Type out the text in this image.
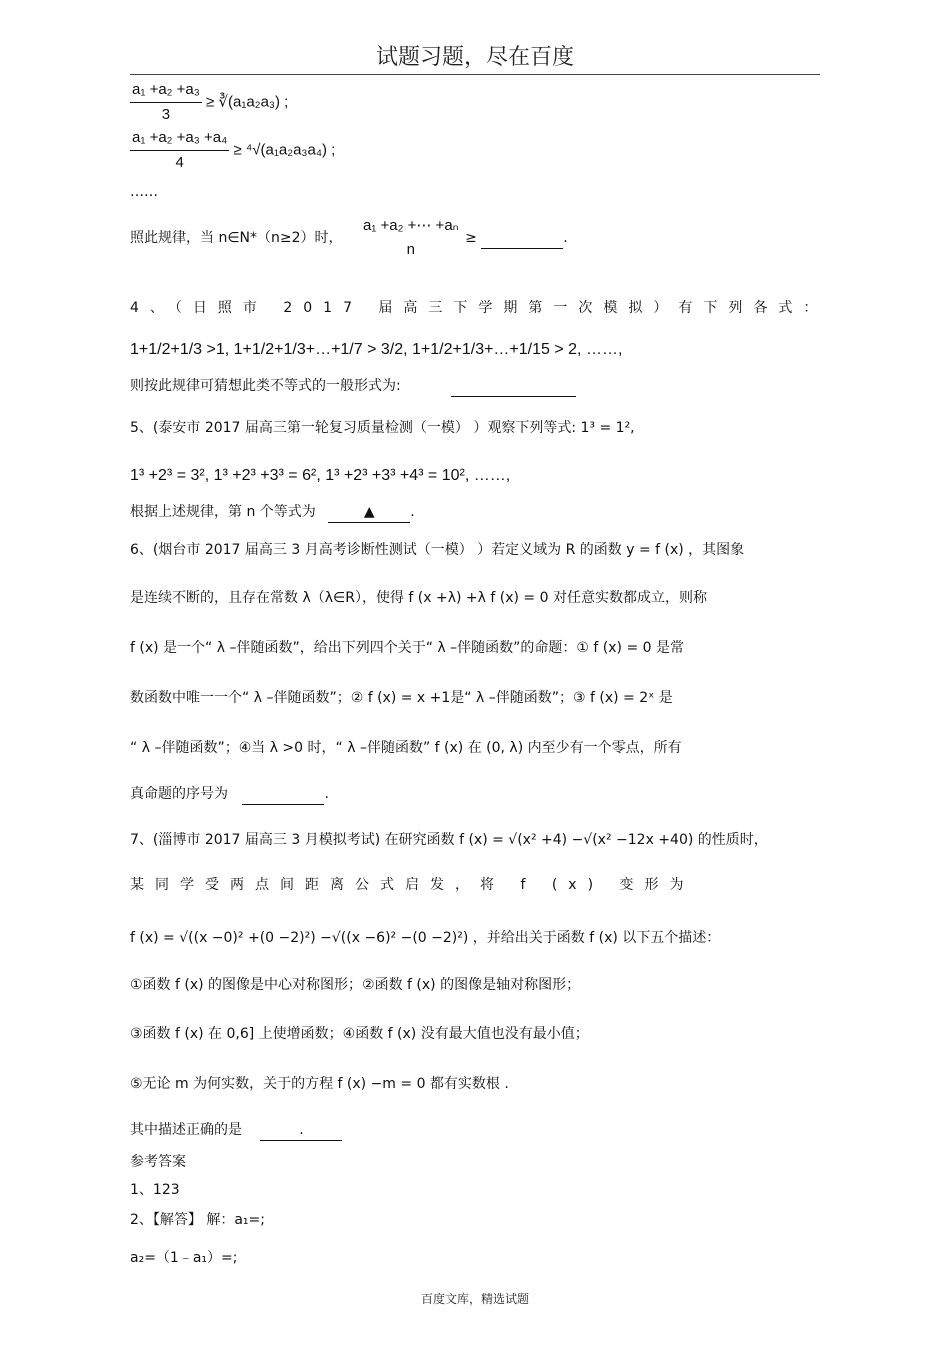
试题习题，尽在百度
$\frac{\text{a₁ +a₂ +a₃}}{3}$ ≥ ∛(a₁a₂a₃) ;
$\frac{\text{a₁ +a₂ +a₃ +a₄}}{4} \ge ^4√(a_1a_2a_3a_4)$ ;
……
照此规律，当 n∈N*（n≥2）时，
a₁ +a₂ +⋯ +aₙ
n
≥	.
4、（日照市 2017 届高三下学期第一次模拟）有下列各式：
1+1/2+1/3 >1, 1+1/2+1/3+…+1/7 > 3/2, 1+1/2+1/3+…+1/15 > 2, ……,
则按此规律可猜想此类不等式的一般形式为:
5、(泰安市 2017 届高三第一轮复习质量检测（一模） ）观察下列等式: 1³ = 1²,
1³ +2³ = 3², 1³ +2³ +3³ = 6², 1³ +2³ +3³ +4³ = 10², ……,
根据上述规律，第 n 个等式为	▲	.
6、(烟台市 2017 届高三 3 月高考诊断性测试（一模） ）若定义域为 R 的函数 y = f (x) ，其图象
是连续不断的，且存在常数 λ（λ∈R），使得 f (x +λ) +λ f (x) = 0 对任意实数都成立，则称
f (x) 是一个“ λ –伴随函数”，给出下列四个关于“ λ –伴随函数”的命题：① f (x) = 0 是常
数函数中唯一一个“ λ –伴随函数”；② f (x) = x +1是“ λ –伴随函数”；③ f (x) = 2ˣ 是
“ λ –伴随函数”；④当 λ >0 时，“ λ –伴随函数” f (x) 在 (0, λ) 内至少有一个零点，所有
真命题的序号为	.
7、(淄博市 2017 届高三 3 月模拟考试) 在研究函数 f (x) = √(x² +4) −√(x² −12x +40) 的性质时，
某同学受两点间距离公式启发，将 f (x) 变形为
f (x) = √((x −0)² +(0 −2)²) −√((x −6)² −(0 −2)²) ，并给出关于函数 f (x) 以下五个描述：
①函数 f (x) 的图像是中心对称图形；②函数 f (x) 的图像是轴对称图形；
③函数 f (x) 在 0,6] 上使增函数；④函数 f (x) 没有最大值也没有最小值；
⑤无论 m 为何实数，关于的方程 f (x) −m = 0 都有实数根 .
其中描述正确的是	.
参考答案
1、123
2、【解答】 解：a₁=;
a₂=（1﹣a₁）=;
百度文库，精选试题
